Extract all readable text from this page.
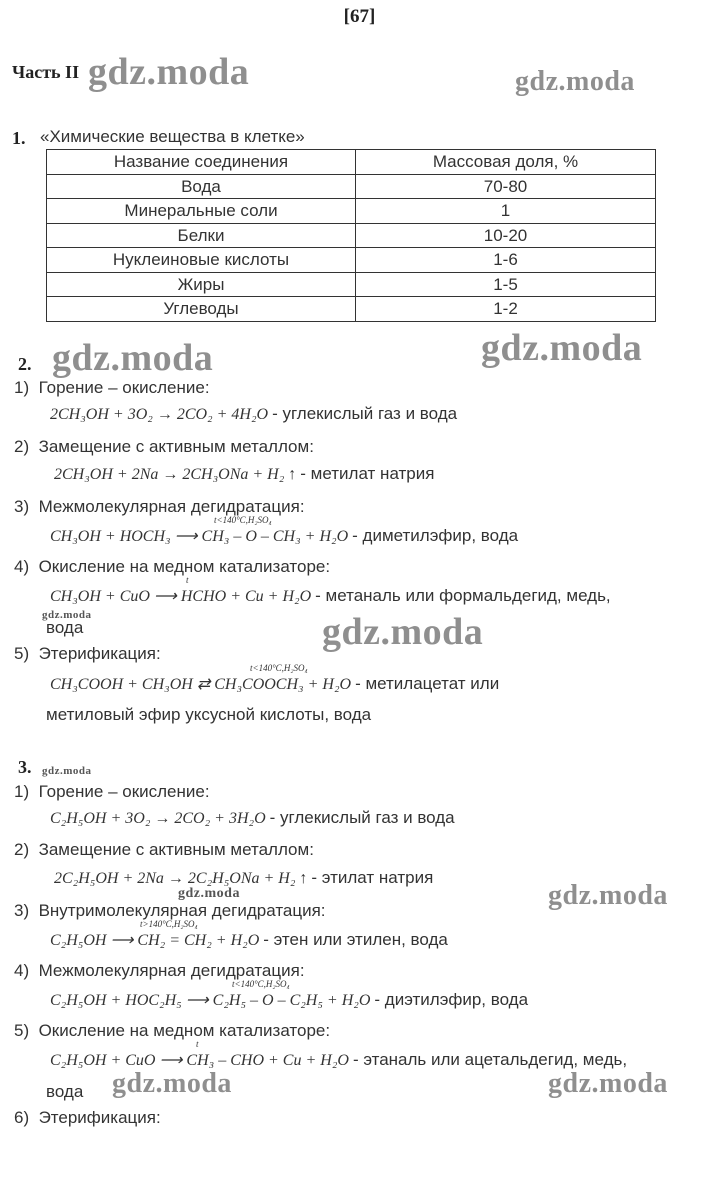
[67]
Часть II gdz.moda	gdz.moda
gdz.moda	gdz.moda
gdz.moda	gdz.moda
gdz.moda
gdz.moda
gdz.moda
gdz.moda	gdz.moda
1. «Химические вещества в клетке»
Название соединения	Массовая доля, %
Вода	70-80
Минеральные соли	1
Белки	10-20
Нуклеиновые кислоты	1-6
Жиры	1-5
Углеводы	1-2
2.
1) Горение – окисление:
2CH₃OH + 3O₂ → 2CO₂ + 4H₂O - углекислый газ и вода
2) Замещение с активным металлом:
2CH₃OH + 2Na → 2CH₃ONa + H₂ ↑ - метилат натрия
3) Межмолекулярная дегидратация:
t<140°C,H₂SO₄
CH₃OH + HOCH₃ ⟶ CH₃ – O – CH₃ + H₂O - диметилэфир, вода
4) Окисление на медном катализаторе:
t
CH₃OH + CuO ⟶ HCHO + Cu + H₂O - метаналь или формальдегид, медь,
вода
5) Этерификация:
t<140°C,H₂SO₄
CH₃COOH + CH₃OH ⇄ CH₃COOCH₃ + H₂O - метилацетат или
метиловый эфир уксусной кислоты, вода
3.
1) Горение – окисление:
C₂H₅OH + 3O₂ → 2CO₂ + 3H₂O - углекислый газ и вода
2) Замещение с активным металлом:
2C₂H₅OH + 2Na → 2C₂H₅ONa + H₂ ↑ - этилат натрия
3) Внутримолекулярная дегидратация:
t>140°C,H₂SO₄
C₂H₅OH ⟶ CH₂ = CH₂ + H₂O - этен или этилен, вода
4) Межмолекулярная дегидратация:
t<140°C,H₂SO₄
C₂H₅OH + HOC₂H₅ ⟶ C₂H₅ – O – C₂H₅ + H₂O - диэтилэфир, вода
5) Окисление на медном катализаторе:
t
C₂H₅OH + CuO ⟶ CH₃ – CHO + Cu + H₂O - этаналь или ацетальдегид, медь,
вода
6) Этерификация:
